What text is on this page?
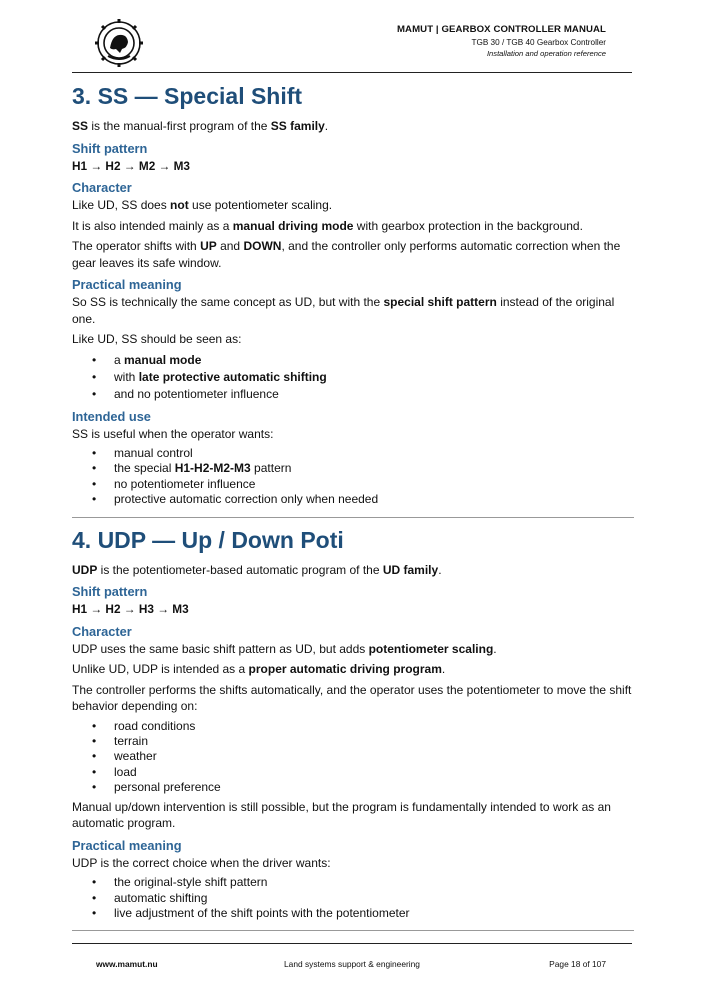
MAMUT | GEARBOX CONTROLLER MANUAL
TGB 30 / TGB 40 Gearbox Controller
Installation and operation reference
3. SS — Special Shift

SS is the manual-first program of the SS family.

Shift pattern

H1 → H2 → M2 → M3

Character

Like UD, SS does not use potentiometer scaling.

It is also intended mainly as a manual driving mode with gearbox protection in the background.

The operator shifts with UP and DOWN, and the controller only performs automatic correction when the gear leaves its safe window.

Practical meaning

So SS is technically the same concept as UD, but with the special shift pattern instead of the original one.

Like UD, SS should be seen as:

• a manual mode
• with late protective automatic shifting
• and no potentiometer influence
Intended use

SS is useful when the operator wants:

• manual control
• the special H1-H2-M2-M3 pattern
• no potentiometer influence
• protective automatic correction only when needed
4. UDP — Up / Down Poti

UDP is the potentiometer-based automatic program of the UD family.

Shift pattern

H1 → H2 → H3 → M3

Character

UDP uses the same basic shift pattern as UD, but adds potentiometer scaling.

Unlike UD, UDP is intended as a proper automatic driving program.

The controller performs the shifts automatically, and the operator uses the potentiometer to move the shift behavior depending on:

• road conditions
• terrain
• weather
• load
• personal preference

Manual up/down intervention is still possible, but the program is fundamentally intended to work as an automatic program.

Practical meaning

UDP is the correct choice when the driver wants:

• the original-style shift pattern
• automatic shifting
• live adjustment of the shift points with the potentiometer
www.mamut.nu	Land systems support & engineering	Page 18 of 107
